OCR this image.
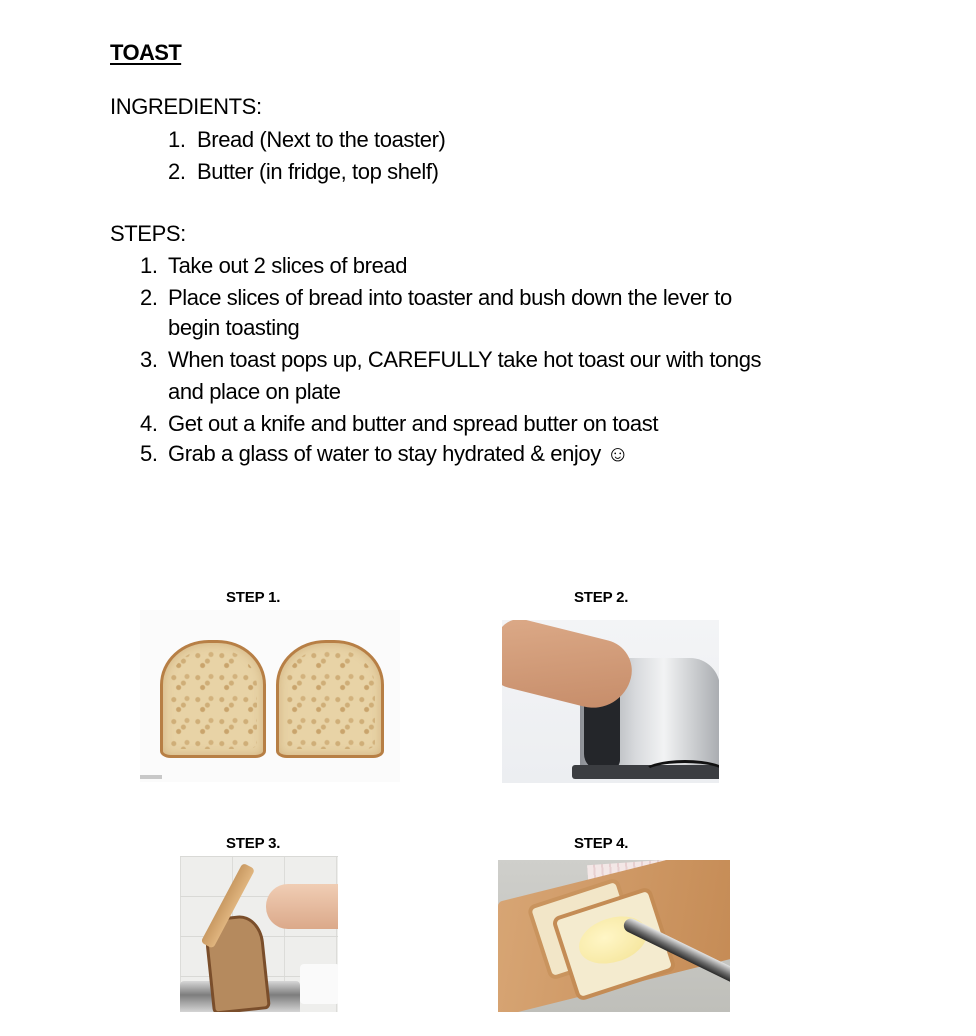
TOAST
INGREDIENTS:
1. Bread (Next to the toaster)
2. Butter (in fridge, top shelf)
STEPS:
1. Take out 2 slices of bread
2. Place slices of bread into toaster and bush down the lever to
begin toasting
3. When toast pops up, CAREFULLY take hot toast our with tongs
and place on plate
4. Get out a knife and butter and spread butter on toast
5. Grab a glass of water to stay hydrated & enjoy ☺
STEP 1.	STEP 2.
STEP 3.	STEP 4.
